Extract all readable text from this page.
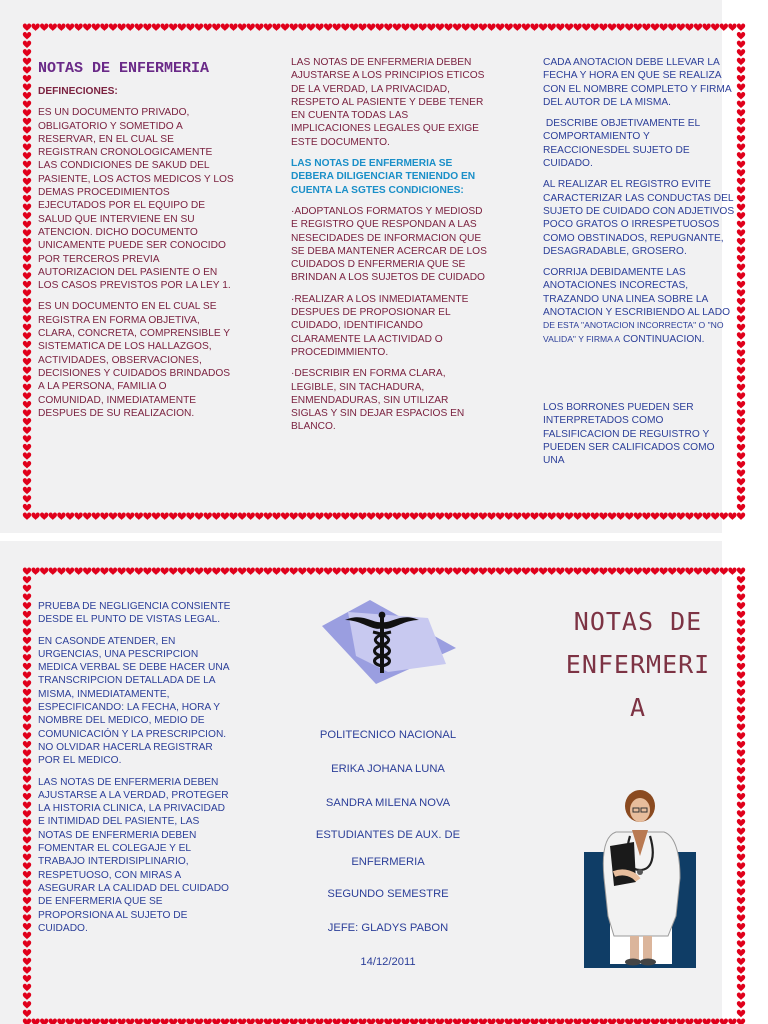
NOTAS DE ENFERMERIA

DEFINECIONES:

ES UN DOCUMENTO PRIVADO, OBLIGATORIO Y SOMETIDO A RESERVAR, EN EL CUAL SE REGISTRAN CRONOLOGICAMENTE LAS CONDICIONES DE SAKUD DEL PASIENTE, LOS ACTOS MEDICOS Y LOS DEMAS PROCEDIMIENTOS EJECUTADOS POR EL EQUIPO DE SALUD QUE INTERVIENE EN SU ATENCION. DICHO DOCUMENTO UNICAMENTE PUEDE SER CONOCIDO POR TERCEROS PREVIA AUTORIZACION DEL PASIENTE O EN LOS CASOS PREVISTOS POR LA LEY 1.

ES UN DOCUMENTO EN EL CUAL SE REGISTRA EN FORMA OBJETIVA, CLARA, CONCRETA, COMPRENSIBLE Y SISTEMATICA DE LOS HALLAZGOS, ACTIVIDADES, OBSERVACIONES, DECISIONES Y CUIDADOS BRINDADOS A LA PERSONA, FAMILIA O COMUNIDAD, INMEDIATAMENTE DESPUES DE SU REALIZACION.

LAS NOTAS DE ENFERMERIA DEBEN AJUSTARSE A LOS PRINCIPIOS ETICOS DE LA VERDAD, LA PRIVACIDAD, RESPETO AL PASIENTE Y DEBE TENER EN CUENTA TODAS LAS IMPLICACIONES LEGALES QUE EXIGE ESTE DOCUMENTO.

LAS NOTAS DE ENFERMERIA SE DEBERA DILIGENCIAR TENIENDO EN CUENTA LA SGTES CONDICIONES:

·ADOPTANLOS FORMATOS Y MEDIOSD E REGISTRO QUE RESPONDAN A LAS NESECIDADES DE INFORMACION QUE SE DEBA MANTENER ACERCAR DE LOS CUIDADOS D ENFERMERIA QUE SE BRINDAN A LOS SUJETOS DE CUIDADO

·REALIZAR A LOS INMEDIATAMENTE DESPUES DE PROPOSIONAR EL CUIDADO, IDENTIFICANDO CLARAMENTE LA ACTIVIDAD O PROCEDIMMIENTO.

·DESCRIBIR EN FORMA CLARA, LEGIBLE, SIN TACHADURA, ENMENDADURAS, SIN UTILIZAR SIGLAS Y SIN DEJAR ESPACIOS EN BLANCO.

CADA ANOTACION DEBE LLEVAR LA FECHA Y HORA EN QUE SE REALIZA CON EL NOMBRE COMPLETO Y FIRMA DEL AUTOR DE LA MISMA.

DESCRIBE OBJETIVAMENTE EL COMPORTAMIENTO Y REACCIONESDEL SUJETO DE CUIDADO.

AL REALIZAR EL REGISTRO EVITE CARACTERIZAR LAS CONDUCTAS DEL SUJETO DE CUIDADO CON ADJETIVOS POCO GRATOS O IRRESPETUOSOS COMO OBSTINADOS, REPUGNANTE, DESAGRADABLE, GROSERO.

CORRIJA DEBIDAMENTE LAS ANOTACIONES INCORECTAS, TRAZANDO UNA LINEA SOBRE LA ANOTACION Y ESCRIBIENDO AL LADO DE ESTA "ANOTACION INCORRECTA" O "NO VALIDA" Y FIRMA A CONTINUACION.

LOS BORRONES PUEDEN SER INTERPRETADOS COMO FALSIFICACION DE REGUISTRO Y PUEDEN SER CALIFICADOS COMO UNA

PRUEBA DE NEGLIGENCIA CONSIENTE DESDE EL PUNTO DE VISTAS LEGAL.

EN CASONDE ATENDER, EN URGENCIAS, UNA PESCRIPCION MEDICA VERBAL SE DEBE HACER UNA TRANSCRIPCION DETALLADA DE LA MISMA, INMEDIATAMENTE, ESPECIFICANDO: LA FECHA, HORA Y NOMBRE DEL MEDICO, MEDIO DE COMUNICACIÓN Y LA PRESCRIPCION. NO OLVIDAR HACERLA REGISTRAR POR EL MEDICO.

LAS NOTAS DE ENFERMERIA DEBEN AJUSTARSE A LA VERDAD, PROTEGER LA HISTORIA CLINICA, LA PRIVACIDAD E INTIMIDAD DEL PASIENTE, LAS NOTAS DE ENFERMERIA DEBEN FOMENTAR EL COLEGAJE Y EL TRABAJO INTERDISIPLINARIO, RESPETUOSO, CON MIRAS A ASEGURAR LA CALIDAD DEL CUIDADO DE ENFERMERIA QUE SE PROPORSIONA AL SUJETO DE CUIDADO.

POLITECNICO NACIONAL
ERIKA JOHANA LUNA
SANDRA MILENA NOVA
ESTUDIANTES DE AUX. DE ENFERMERIA
SEGUNDO SEMESTRE
JEFE: GLADYS PABON
14/12/2011
NOTAS DE
ENFERMERI
A
